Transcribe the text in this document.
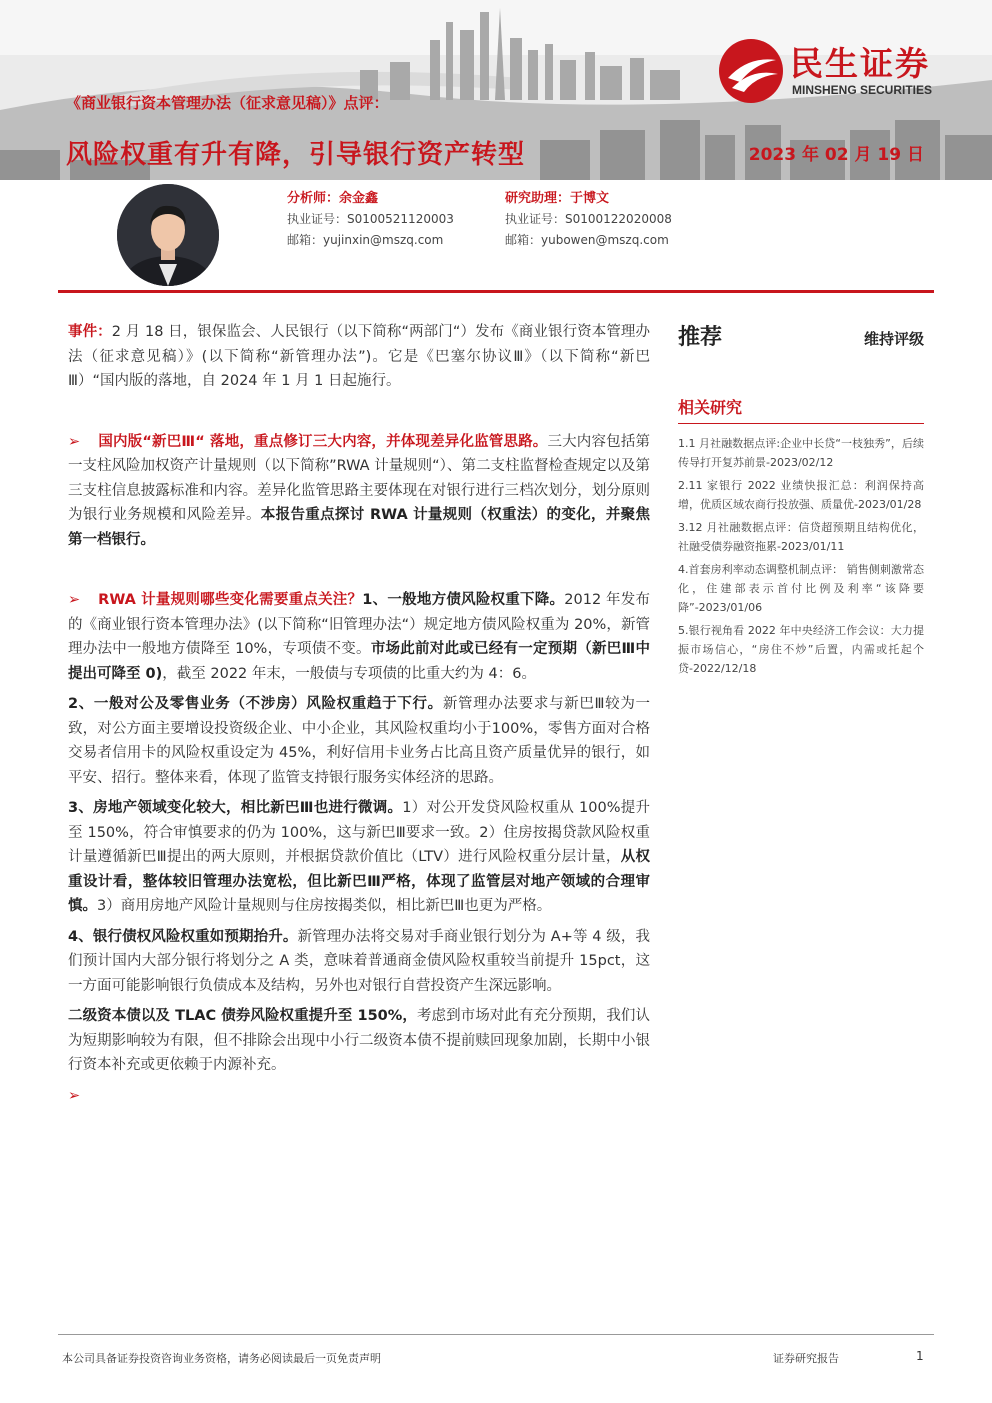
民生证券
MINSHENG SECURITIES
《商业银行资本管理办法（征求意见稿）》点评：
风险权重有升有降，引导银行资产转型	2023 年 02 月 19 日
分析师：余金鑫
执业证号：S0100521120003
邮箱：yujinxin@mszq.com
研究助理：于博文
执业证号：S0100122020008
邮箱：yubowen@mszq.com

事件：2 月 18 日，银保监会、人民银行（以下简称“两部门“）发布《商业银行资本管理办法（征求意见稿）》(以下简称“新管理办法”)。它是《巴塞尔协议Ⅲ》（以下简称“新巴Ⅲ）“国内版的落地，自 2024 年 1 月 1 日起施行。

➢ 国内版“新巴Ⅲ“ 落地，重点修订三大内容，并体现差异化监管思路。三大内容包括第一支柱风险加权资产计量规则（以下简称”RWA 计量规则“）、第二支柱监督检查规定以及第三支柱信息披露标准和内容。差异化监管思路主要体现在对银行进行三档次划分，划分原则为银行业务规模和风险差异。本报告重点探讨 RWA 计量规则（权重法）的变化，并聚焦第一档银行。

➢ RWA 计量规则哪些变化需要重点关注？1、一般地方债风险权重下降。2012 年发布的《商业银行资本管理办法》(以下简称“旧管理办法“）规定地方债风险权重为 20%，新管理办法中一般地方债降至 10%，专项债不变。市场此前对此或已经有一定预期（新巴Ⅲ中提出可降至 0)，截至 2022 年末，一般债与专项债的比重大约为 4：6。

2、一般对公及零售业务（不涉房）风险权重趋于下行。新管理办法要求与新巴Ⅲ较为一致，对公方面主要增设投资级企业、中小企业，其风险权重均小于100%，零售方面对合格交易者信用卡的风险权重设定为 45%，利好信用卡业务占比高且资产质量优异的银行，如平安、招行。整体来看，体现了监管支持银行服务实体经济的思路。

3、房地产领域变化较大，相比新巴Ⅲ也进行微调。1）对公开发贷风险权重从 100%提升至 150%，符合审慎要求的仍为 100%，这与新巴Ⅲ要求一致。2）住房按揭贷款风险权重计量遵循新巴Ⅲ提出的两大原则，并根据贷款价值比（LTV）进行风险权重分层计量，从权重设计看，整体较旧管理办法宽松，但比新巴Ⅲ严格，体现了监管层对地产领域的合理审慎。3）商用房地产风险计量规则与住房按揭类似，相比新巴Ⅲ也更为严格。

4、银行债权风险权重如预期抬升。新管理办法将交易对手商业银行划分为 A+等 4 级，我们预计国内大部分银行将划分之 A 类，意味着普通商金债风险权重较当前提升 15pct，这一方面可能影响银行负债成本及结构，另外也对银行自营投资产生深远影响。

二级资本债以及 TLAC 债券风险权重提升至 150%，考虑到市场对此有充分预期，我们认为短期影响较为有限，但不排除会出现中小行二级资本债不提前赎回现象加剧，长期中小银行资本补充或更依赖于内源补充。

➢

推荐	维持评级
相关研究
1.1 月社融数据点评:企业中长贷“一枝独秀”，后续传导打开复苏前景-2023/02/12
2.11 家银行 2022 业绩快报汇总：利润保持高增，优质区域农商行投放强、质量优-2023/01/28
3.12 月社融数据点评：信贷超预期且结构优化，社融受债券融资拖累-2023/01/11
4.首套房利率动态调整机制点评： 销售侧刺激常态化，住建部表示首付比例及利率“该降要降”-2023/01/06
5.银行视角看 2022 年中央经济工作会议：大力提振市场信心，“房住不炒”后置，内需或托起个贷-2022/12/18
本公司具备证券投资咨询业务资格，请务必阅读最后一页免责声明	证券研究报告	1
